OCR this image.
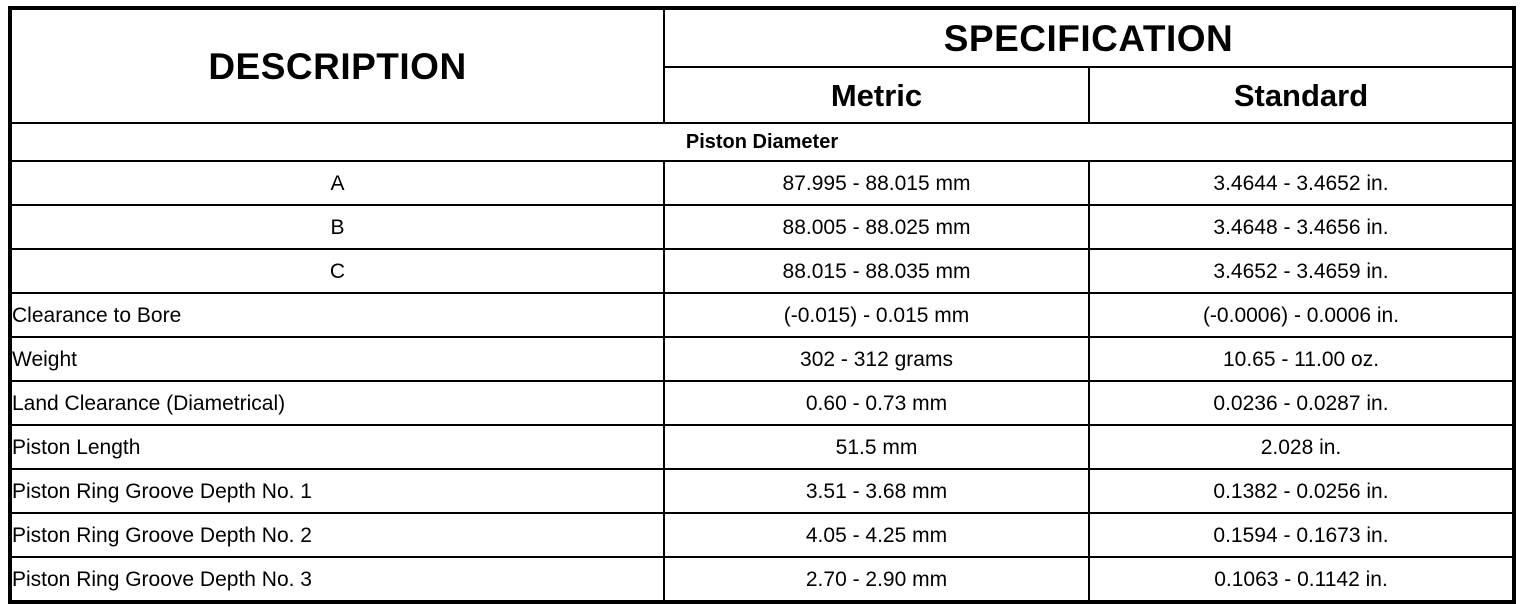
DESCRIPTION	SPECIFICATION	
	Metric	Standard
Piston Diameter		
A	87.995 - 88.015 mm	3.4644 - 3.4652 in.
B	88.005 - 88.025 mm	3.4648 - 3.4656 in.
C	88.015 - 88.035 mm	3.4652 - 3.4659 in.
Clearance to Bore	(-0.015) - 0.015 mm	(-0.0006) - 0.0006 in.
Weight	302 - 312 grams	10.65 - 11.00 oz.
Land Clearance (Diametrical)	0.60 - 0.73 mm	0.0236 - 0.0287 in.
Piston Length	51.5 mm	2.028 in.
Piston Ring Groove Depth No. 1	3.51 - 3.68 mm	0.1382 - 0.0256 in.
Piston Ring Groove Depth No. 2	4.05 - 4.25 mm	0.1594 - 0.1673 in.
Piston Ring Groove Depth No. 3	2.70 - 2.90 mm	0.1063 - 0.1142 in.
